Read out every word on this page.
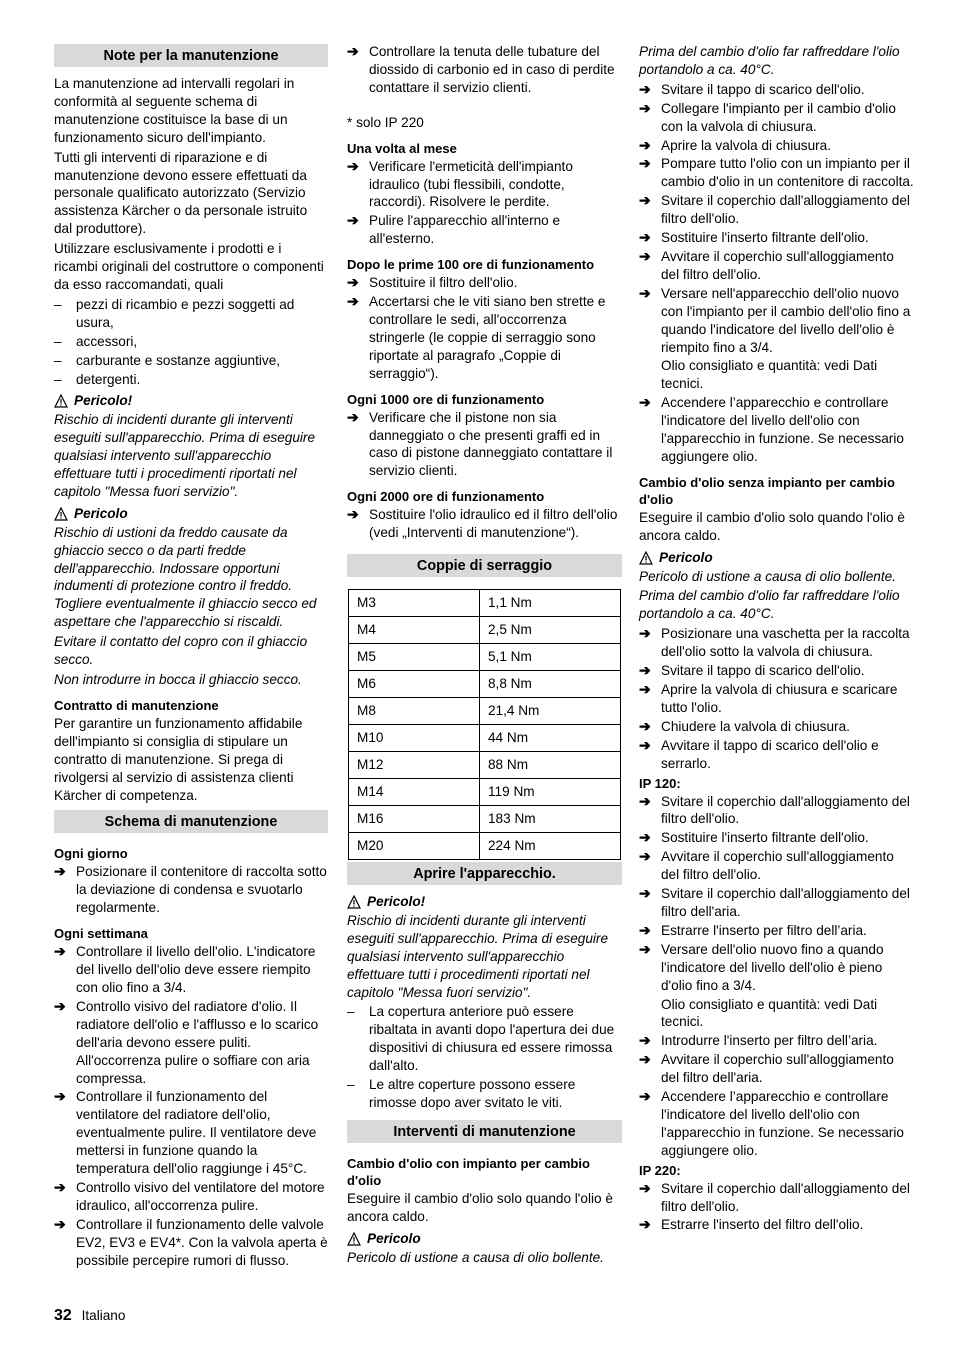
Note per la manutenzione

La manutenzione ad intervalli regolari in conformità al seguente schema di manutenzione costituisce la base di un funzionamento sicuro dell'impianto.

Tutti gli interventi di riparazione e di manutenzione devono essere effettuati da personale qualificato autorizzato (Servizio assistenza Kärcher o da personale istruito dal produttore).

Utilizzare esclusivamente i prodotti e i ricambi originali del costruttore o componenti da esso raccomandati, quali

–	pezzi di ricambio e pezzi soggetti ad usura,
–	accessori,
–	carburante e sostanze aggiuntive,
–	detergenti.
Pericolo!

Rischio di incidenti durante gli interventi eseguiti sull'apparecchio. Prima di eseguire qualsiasi intervento sull'apparecchio effettuare tutti i procedimenti riportati nel capitolo "Messa fuori servizio".

Pericolo

Rischio di ustioni da freddo causate da ghiaccio secco o da parti fredde dell'apparecchio. Indossare opportuni indumenti di protezione contro il freddo. Togliere eventualmente il ghiaccio secco ed aspettare che l'apparecchio si riscaldi.

Evitare il contatto del copro con il ghiaccio secco.

Non introdurre in bocca il ghiaccio secco.

Contratto di manutenzione

Per garantire un funzionamento affidabile dell'impianto si consiglia di stipulare un contratto di manutenzione. Si prega di rivolgersi al servizio di assistenza clienti Kärcher di competenza.

Schema di manutenzione
Ogni giorno
➔ Posizionare il contenitore di raccolta sotto la deviazione di condensa e svuotarlo regolarmente.
Ogni settimana
➔ Controllare il livello dell'olio. L'indicatore del livello dell'olio deve essere riempito con olio fino a 3/4.
➔ Controllo visivo del radiatore d'olio. Il radiatore dell'olio e l'afflusso e lo scarico dell'aria devono essere puliti. All'occorrenza pulire o soffiare con aria compressa.
➔ Controllare il funzionamento del ventilatore del radiatore dell'olio, eventualmente pulire. Il ventilatore deve mettersi in funzione quando la temperatura dell'olio raggiunge i 45°C.
➔ Controllo visivo del ventilatore del motore idraulico, all'occorrenza pulire.
➔ Controllare il funzionamento delle valvole EV2, EV3 e EV4*. Con la valvola aperta è possibile percepire rumori di flusso.
➔ Controllare la tenuta delle tubature del diossido di carbonio ed in caso di perdite contattare il servizio clienti.

* solo IP 220

Una volta al mese
➔ Verificare l'ermeticità dell'impianto idraulico (tubi flessibili, condotte, raccordi). Risolvere le perdite.
➔ Pulire l'apparecchio all'interno e all'esterno.
Dopo le prime 100 ore di funzionamento
➔ Sostituire il filtro dell'olio.
➔ Accertarsi che le viti siano ben strette e controllare le sedi, all'occorrenza stringerle (le coppie di serraggio sono riportate al paragrafo „Coppie di serraggio“).
Ogni 1000 ore di funzionamento
➔ Verificare che il pistone non sia danneggiato o che presenti graffi ed in caso di pistone danneggiato contattare il servizio clienti.
Ogni 2000 ore di funzionamento
➔ Sostituire l'olio idraulico ed il filtro dell'olio (vedi „Interventi di manutenzione“).
Coppie di serraggio
M3	1,1 Nm
M4	2,5 Nm
M5	5,1 Nm
M6	8,8 Nm
M8	21,4 Nm
M10	44 Nm
M12	88 Nm
M14	119 Nm
M16	183 Nm
M20	224 Nm
Aprire l'apparecchio.
Pericolo!

Rischio di incidenti durante gli interventi eseguiti sull'apparecchio. Prima di eseguire qualsiasi intervento sull'apparecchio effettuare tutti i procedimenti riportati nel capitolo "Messa fuori servizio".

–	La copertura anteriore può essere ribaltata in avanti dopo l'apertura dei due dispositivi di chiusura ed essere rimossa dall'alto.
–	Le altre coperture possono essere rimosse dopo aver svitato le viti.
Interventi di manutenzione
Cambio d'olio con impianto per cambio d'olio

Eseguire il cambio d'olio solo quando l'olio è ancora caldo.

Pericolo

Pericolo di ustione a causa di olio bollente.

Prima del cambio d'olio far raffreddare l'olio portandolo a ca. 40°C.

➔ Svitare il tappo di scarico dell'olio.
➔ Collegare l'impianto per il cambio d'olio con la valvola di chiusura.
➔ Aprire la valvola di chiusura.
➔ Pompare tutto l'olio con un impianto per il cambio d'olio in un contenitore di raccolta.
➔ Svitare il coperchio dall'alloggiamento del filtro dell'olio.
➔ Sostituire l'inserto filtrante dell'olio.
➔ Avvitare il coperchio sull'alloggiamento del filtro dell'olio.
➔ Versare nell'apparecchio dell'olio nuovo con l'impianto per il cambio dell'olio fino a quando l'indicatore del livello dell'olio è riempito fino a 3/4.

Olio consigliato e quantità: vedi Dati tecnici.

➔ Accendere l’apparecchio e controllare l'indicatore del livello dell'olio con l'apparecchio in funzione. Se necessario aggiungere olio.
Cambio d'olio senza impianto per cambio d'olio

Eseguire il cambio d'olio solo quando l'olio è ancora caldo.

Pericolo

Pericolo di ustione a causa di olio bollente.

Prima del cambio d'olio far raffreddare l'olio portandolo a ca. 40°C.

➔ Posizionare una vaschetta per la raccolta dell'olio sotto la valvola di chiusura.
➔ Svitare il tappo di scarico dell'olio.
➔ Aprire la valvola di chiusura e scaricare tutto l'olio.
➔ Chiudere la valvola di chiusura.
➔ Avvitare il tappo di scarico dell'olio e serrarlo.
IP 120:
➔ Svitare il coperchio dall'alloggiamento del filtro dell'olio.
➔ Sostituire l'inserto filtrante dell'olio.
➔ Avvitare il coperchio sull'alloggiamento del filtro dell'olio.
➔ Svitare il coperchio dall'alloggiamento del filtro dell'aria.
➔ Estrarre l'inserto per filtro dell’aria.
➔ Versare dell'olio nuovo fino a quando l'indicatore del livello dell'olio è pieno d'olio fino a 3/4.

Olio consigliato e quantità: vedi Dati tecnici.

➔ Introdurre l'inserto per filtro dell’aria.
➔ Avvitare il coperchio sull'alloggiamento del filtro dell'aria.
➔ Accendere l’apparecchio e controllare l'indicatore del livello dell'olio con l'apparecchio in funzione. Se necessario aggiungere olio.
IP 220:
➔ Svitare il coperchio dall'alloggiamento del filtro dell'olio.
➔ Estrarre l'inserto del filtro dell'olio.
32 Italiano
